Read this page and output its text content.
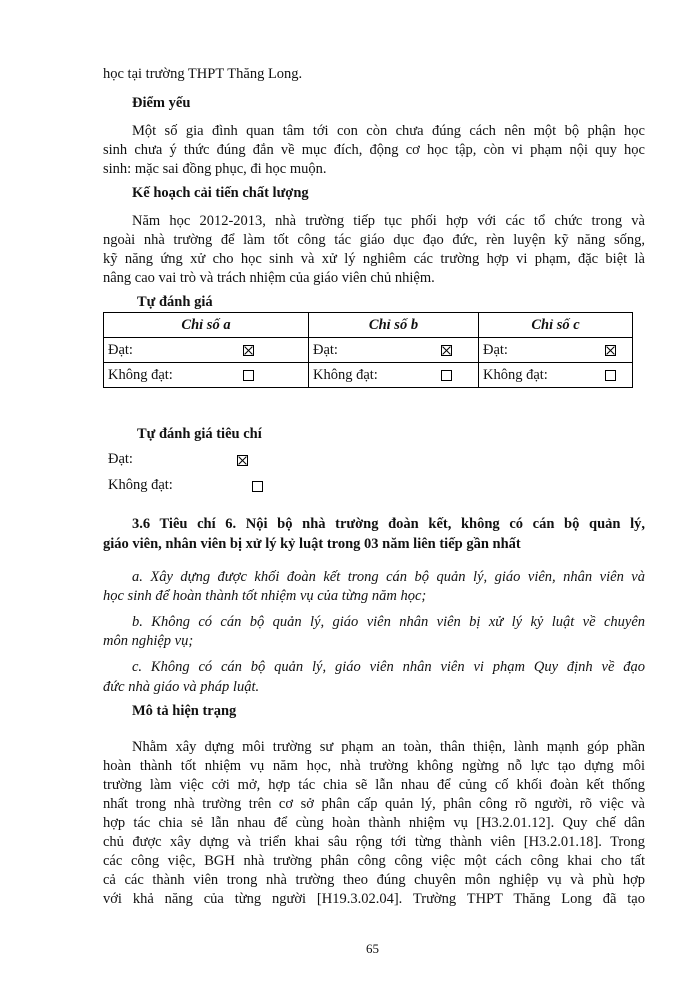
học tại trường THPT Thăng Long.

Điểm yếu

Một số gia đình quan tâm tới con còn chưa đúng cách nên một bộ phận học

sinh chưa ý thức đúng đắn về mục đích, động cơ học tập, còn vi phạm nội quy học

sinh: mặc sai đồng phục, đi học muộn.

Kế hoạch cải tiến chất lượng

Năm học 2012-2013, nhà trường tiếp tục phối hợp với các tổ chức trong và

ngoài nhà trường để làm tốt công tác giáo dục đạo đức, rèn luyện kỹ năng sống,

kỹ năng ứng xử cho học sinh và xử lý nghiêm các trường hợp vi phạm, đặc biệt là

nâng cao vai trò và trách nhiệm của giáo viên chủ nhiệm.

Tự đánh giá

Chỉ số a	Chỉ số b	Chỉ số c

Đạt:	Đạt:	Đạt:

Không đạt:	Không đạt:	Không đạt:

Tự đánh giá tiêu chí

Đạt:

Không đạt:

3.6 Tiêu chí 6. Nội bộ nhà trường đoàn kết, không có cán bộ quản lý,

giáo viên, nhân viên bị xử lý kỷ luật trong 03 năm liên tiếp gần nhất

a. Xây dựng được khối đoàn kết trong cán bộ quản lý, giáo viên, nhân viên và

học sinh để hoàn thành tốt nhiệm vụ của từng năm học;

b. Không có cán bộ quản lý, giáo viên nhân viên bị xử lý kỷ luật về chuyên

môn nghiệp vụ;

c. Không có cán bộ quản lý, giáo viên nhân viên vi phạm Quy định về đạo

đức nhà giáo và pháp luật.

Mô tả hiện trạng

Nhằm xây dựng môi trường sư phạm an toàn, thân thiện, lành mạnh góp phần

hoàn thành tốt nhiệm vụ năm học, nhà trường không ngừng nỗ lực tạo dựng môi

trường làm việc cởi mở, hợp tác chia sẽ lẫn nhau để củng cố khối đoàn kết thống

nhất trong nhà trường trên cơ sở phân cấp quản lý, phân công rõ người, rõ việc và

hợp tác chia sẻ lẫn nhau để cùng hoàn thành nhiệm vụ [H3.2.01.12]. Quy chế dân

chủ được xây dựng và triển khai sâu rộng tới từng thành viên [H3.2.01.18]. Trong

các công việc, BGH nhà trường phân công công việc một cách công khai cho tất

cả các thành viên trong nhà trường theo đúng chuyên môn nghiệp vụ và phù hợp

với khả năng của từng người [H19.3.02.04]. Trường THPT Thăng Long đã tạo

65
